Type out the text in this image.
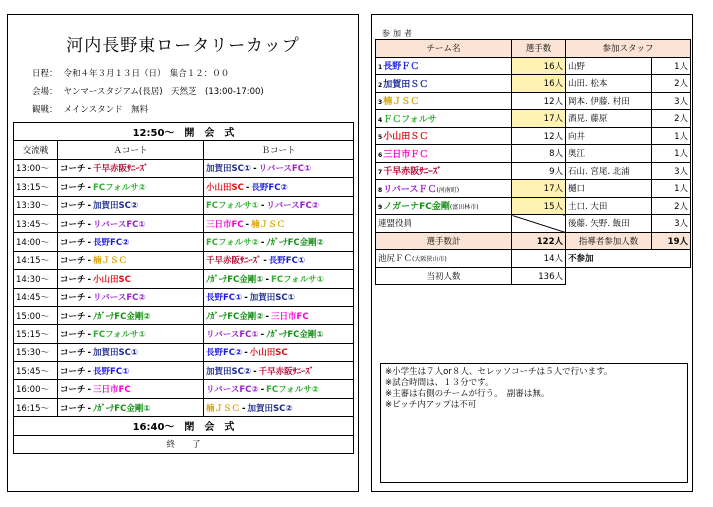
河内長野東ロータリーカップ
日程： 令和４年３月１３日（日）　集合１２：００
会場： ヤンマースタジアム(長居)　天然芝　(13:00-17:00)
観戦： メインスタンド　無料
12:50～　開　会　式		
交流戦	Ａコート	Ｂコート
13:00～	コーチ - 千早赤阪ｻﾆｰｽﾞ	加賀田SC① - リバースFC①
13:15～	コーチ - FCフォルサ②	小山田SC - 長野FC②
13:30～	コーチ - 加賀田SC②	FCフォルサ① - リバースFC②
13:45～	コーチ - リバースFC①	三日市FC - 楠ＪＳＣ
14:00～	コーチ - 長野FC②	FCフォルサ② - ﾉｶﾞｰﾅFC金剛②
14:15～	コーチ - 楠ＪＳＣ	千早赤阪ｻﾆｰｽﾞ - 長野FC①
14:30～	コーチ - 小山田SC	ﾉｶﾞｰﾅFC金剛① - FCフォルサ①
14:45～	コーチ - リバースFC②	長野FC① - 加賀田SC①
15:00～	コーチ - ﾉｶﾞｰﾅFC金剛②	ﾉｶﾞｰﾅFC金剛② - 三日市FC
15:15～	コーチ - FCフォルサ①	リバースFC① - ﾉｶﾞｰﾅFC金剛①
15:30～	コーチ - 加賀田SC①	長野FC② - 小山田SC
15:45～	コーチ - 長野FC①	加賀田SC② - 千早赤阪ｻﾆｰｽﾞ
16:00～	コーチ - 三日市FC	リバースFC② - FCフォルサ②
16:15～	コーチ - ﾉｶﾞｰﾅFC金剛①	楠ＪＳＣ - 加賀田SC②
16:40～　閉　会　式		
終　　了		
参加者
チーム名	選手数	参加スタッフ	
1長野ＦＣ	16人	山野	1人
2加賀田ＳＣ	16人	山田. 松本	2人
3楠ＪＳＣ	12人	岡本. 伊藤. 村田	3人
4ＦＣフォルサ	17人	酒見. 藤原	2人
5小山田ＳＣ	12人	向井	1人
6三日市ＦＣ	8人	奥江	1人
7千早赤阪ｻﾆｰｽﾞ	9人	石山. 宮尾. 北浦	3人
8リバースＦＣ(河南町)	17人	樋口	1人
9ノガーナFC金剛(富田林市)	15人	土口. 大田	2人
連盟役員		後藤. 矢野. 飯田	3人
選手数計	122人	指導者参加人数	19人
池尻ＦＣ(大阪狭山市)	14人	不参加	
当初人数	136人		
※小学生は７人or８人、セレッソコーチは５人で行います。
※試合時間は、１３分です。
※主審は右側のチームが行う。　副審は無。
※ピッチ内アップは不可
